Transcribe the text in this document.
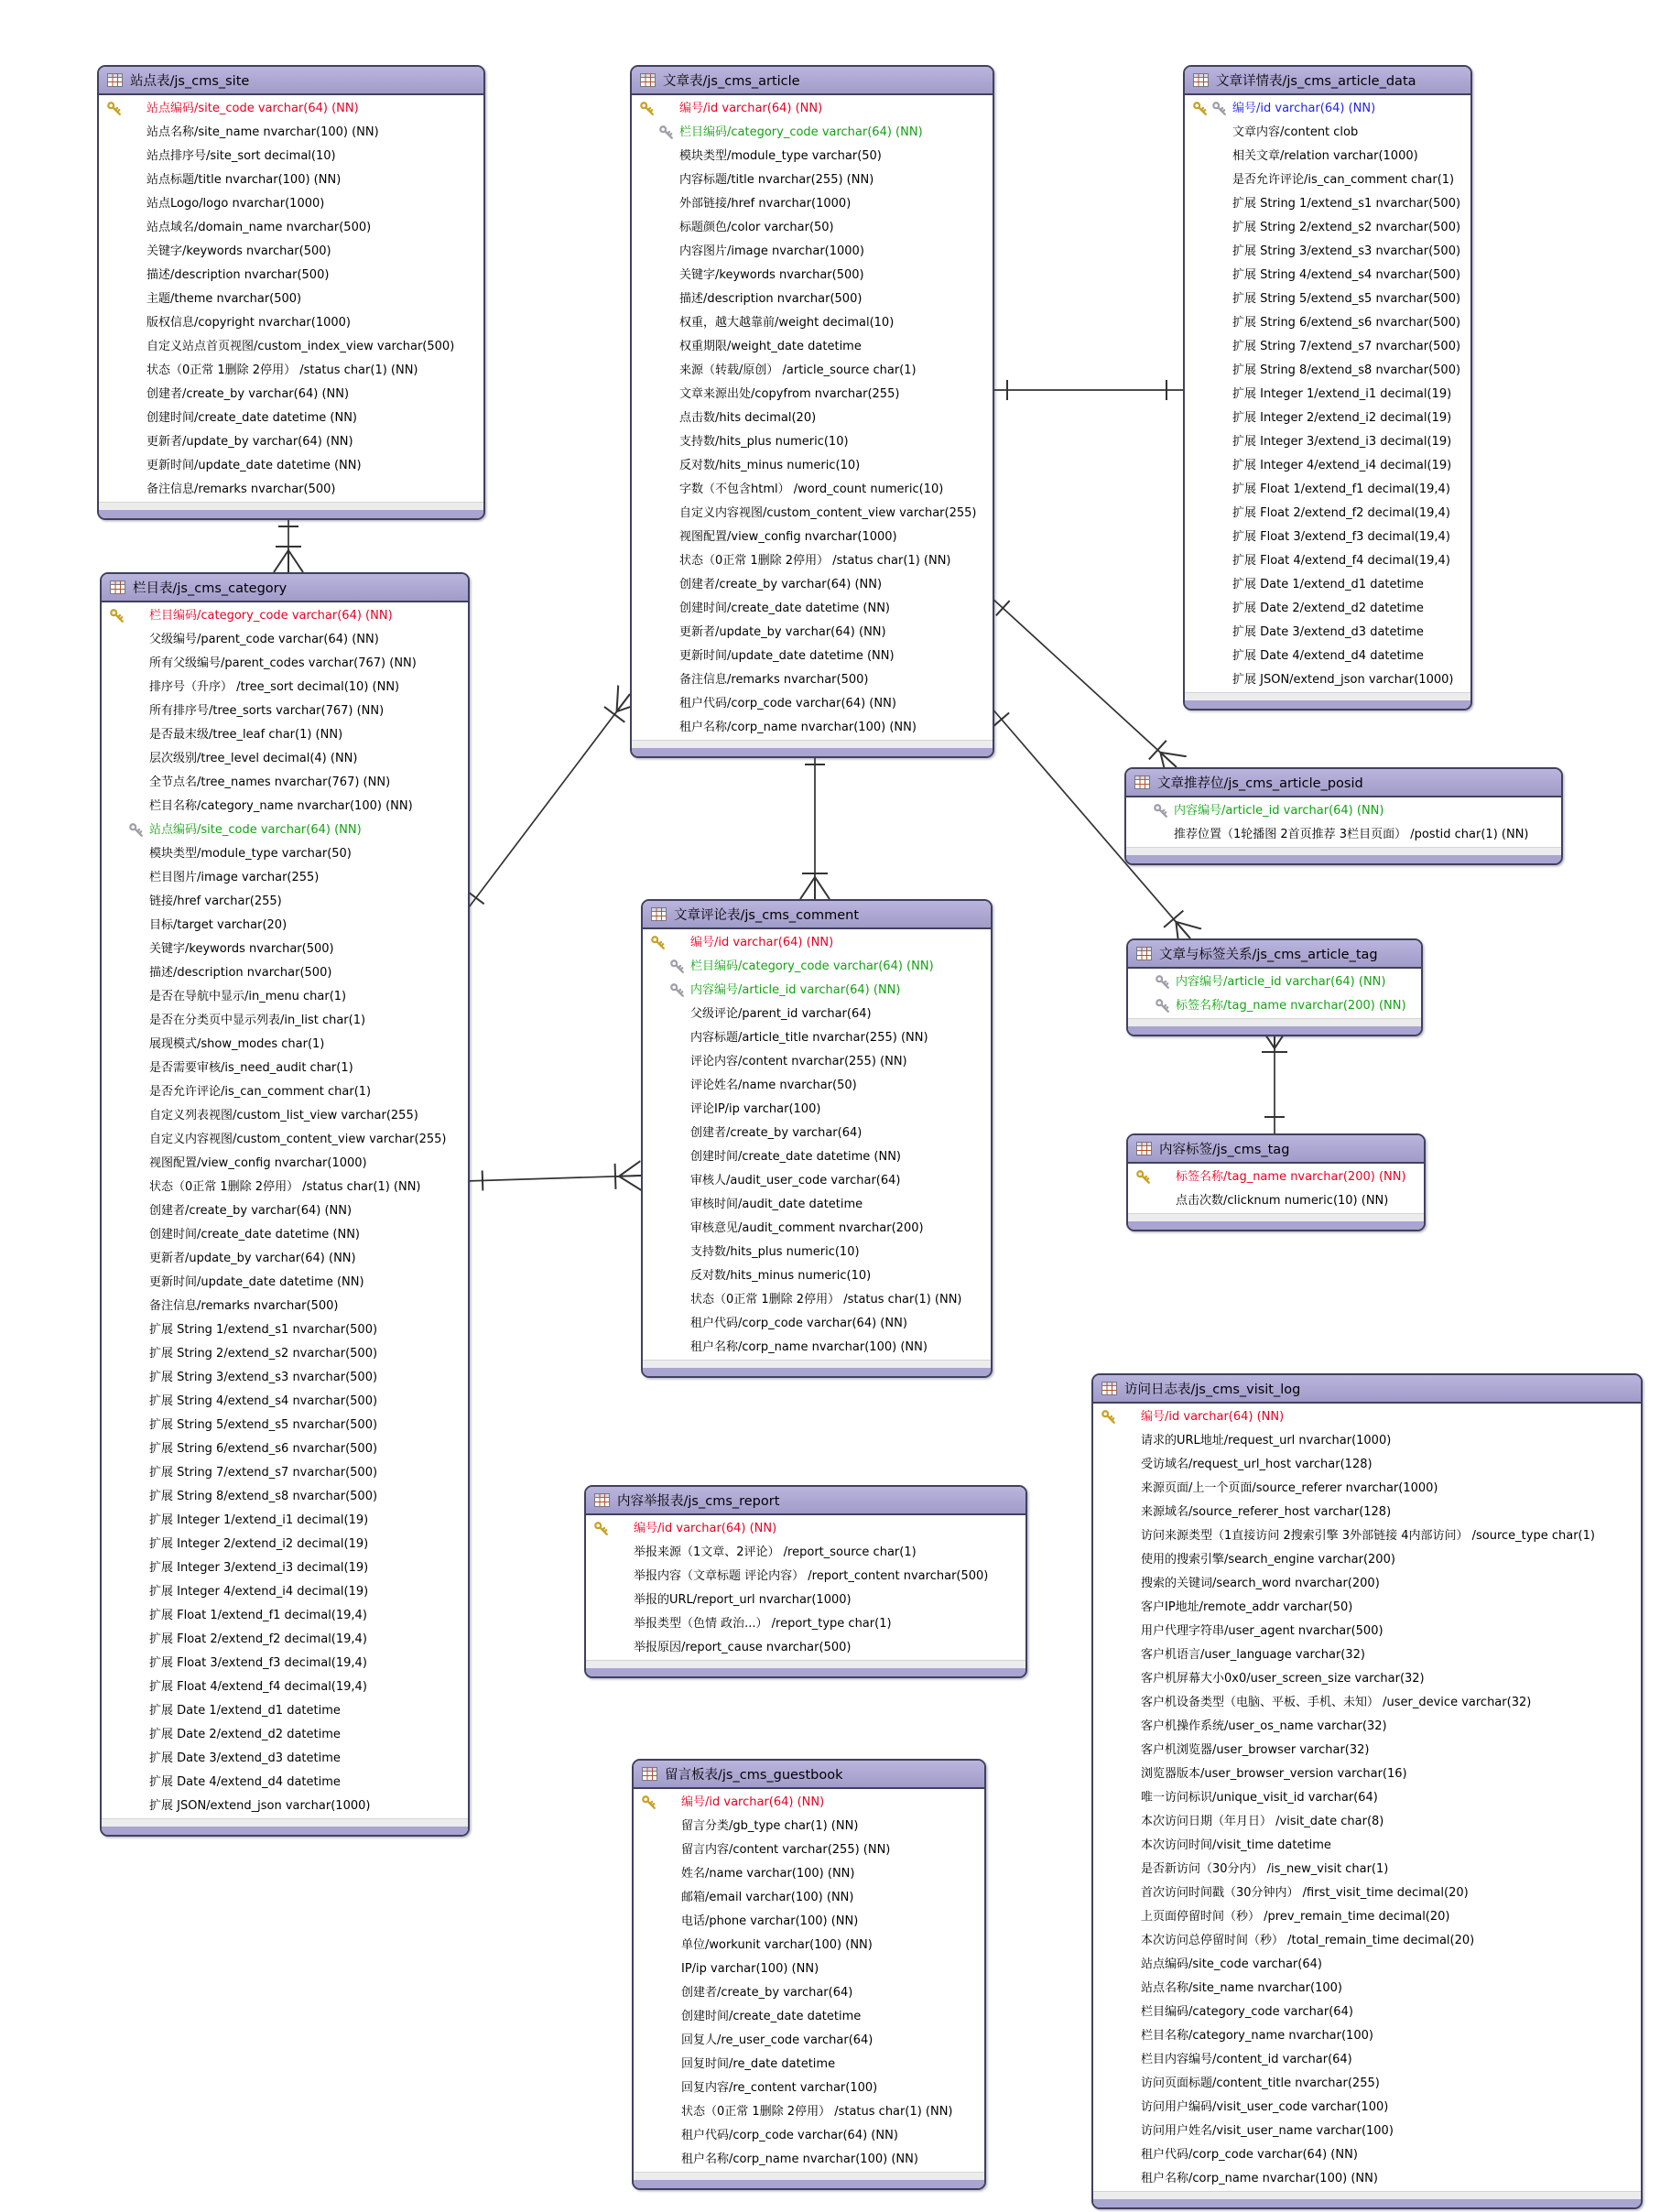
站点表/js_cms_site
站点编码/site_code varchar(64) (NN)
站点名称/site_name nvarchar(100) (NN)
站点排序号/site_sort decimal(10)
站点标题/title nvarchar(100) (NN)
站点Logo/logo nvarchar(1000)
站点域名/domain_name nvarchar(500)
关键字/keywords nvarchar(500)
描述/description nvarchar(500)
主题/theme nvarchar(500)
版权信息/copyright nvarchar(1000)
自定义站点首页视图/custom_index_view varchar(500)
状态（0正常 1删除 2停用） /status char(1) (NN)
创建者/create_by varchar(64) (NN)
创建时间/create_date datetime (NN)
更新者/update_by varchar(64) (NN)
更新时间/update_date datetime (NN)
备注信息/remarks nvarchar(500)
栏目表/js_cms_category
栏目编码/category_code varchar(64) (NN)
父级编号/parent_code varchar(64) (NN)
所有父级编号/parent_codes varchar(767) (NN)
排序号（升序） /tree_sort decimal(10) (NN)
所有排序号/tree_sorts varchar(767) (NN)
是否最末级/tree_leaf char(1) (NN)
层次级别/tree_level decimal(4) (NN)
全节点名/tree_names nvarchar(767) (NN)
栏目名称/category_name nvarchar(100) (NN)
站点编码/site_code varchar(64) (NN)
模块类型/module_type varchar(50)
栏目图片/image varchar(255)
链接/href varchar(255)
目标/target varchar(20)
关键字/keywords nvarchar(500)
描述/description nvarchar(500)
是否在导航中显示/in_menu char(1)
是否在分类页中显示列表/in_list char(1)
展现模式/show_modes char(1)
是否需要审核/is_need_audit char(1)
是否允许评论/is_can_comment char(1)
自定义列表视图/custom_list_view varchar(255)
自定义内容视图/custom_content_view varchar(255)
视图配置/view_config nvarchar(1000)
状态（0正常 1删除 2停用） /status char(1) (NN)
创建者/create_by varchar(64) (NN)
创建时间/create_date datetime (NN)
更新者/update_by varchar(64) (NN)
更新时间/update_date datetime (NN)
备注信息/remarks nvarchar(500)
扩展 String 1/extend_s1 nvarchar(500)
扩展 String 2/extend_s2 nvarchar(500)
扩展 String 3/extend_s3 nvarchar(500)
扩展 String 4/extend_s4 nvarchar(500)
扩展 String 5/extend_s5 nvarchar(500)
扩展 String 6/extend_s6 nvarchar(500)
扩展 String 7/extend_s7 nvarchar(500)
扩展 String 8/extend_s8 nvarchar(500)
扩展 Integer 1/extend_i1 decimal(19)
扩展 Integer 2/extend_i2 decimal(19)
扩展 Integer 3/extend_i3 decimal(19)
扩展 Integer 4/extend_i4 decimal(19)
扩展 Float 1/extend_f1 decimal(19,4)
扩展 Float 2/extend_f2 decimal(19,4)
扩展 Float 3/extend_f3 decimal(19,4)
扩展 Float 4/extend_f4 decimal(19,4)
扩展 Date 1/extend_d1 datetime
扩展 Date 2/extend_d2 datetime
扩展 Date 3/extend_d3 datetime
扩展 Date 4/extend_d4 datetime
扩展 JSON/extend_json varchar(1000)
文章表/js_cms_article
编号/id varchar(64) (NN)
栏目编码/category_code varchar(64) (NN)
模块类型/module_type varchar(50)
内容标题/title nvarchar(255) (NN)
外部链接/href nvarchar(1000)
标题颜色/color varchar(50)
内容图片/image nvarchar(1000)
关键字/keywords nvarchar(500)
描述/description nvarchar(500)
权重，越大越靠前/weight decimal(10)
权重期限/weight_date datetime
来源（转载/原创） /article_source char(1)
文章来源出处/copyfrom nvarchar(255)
点击数/hits decimal(20)
支持数/hits_plus numeric(10)
反对数/hits_minus numeric(10)
字数（不包含html） /word_count numeric(10)
自定义内容视图/custom_content_view varchar(255)
视图配置/view_config nvarchar(1000)
状态（0正常 1删除 2停用） /status char(1) (NN)
创建者/create_by varchar(64) (NN)
创建时间/create_date datetime (NN)
更新者/update_by varchar(64) (NN)
更新时间/update_date datetime (NN)
备注信息/remarks nvarchar(500)
租户代码/corp_code varchar(64) (NN)
租户名称/corp_name nvarchar(100) (NN)
文章详情表/js_cms_article_data
编号/id varchar(64) (NN)
文章内容/content clob
相关文章/relation varchar(1000)
是否允许评论/is_can_comment char(1)
扩展 String 1/extend_s1 nvarchar(500)
扩展 String 2/extend_s2 nvarchar(500)
扩展 String 3/extend_s3 nvarchar(500)
扩展 String 4/extend_s4 nvarchar(500)
扩展 String 5/extend_s5 nvarchar(500)
扩展 String 6/extend_s6 nvarchar(500)
扩展 String 7/extend_s7 nvarchar(500)
扩展 String 8/extend_s8 nvarchar(500)
扩展 Integer 1/extend_i1 decimal(19)
扩展 Integer 2/extend_i2 decimal(19)
扩展 Integer 3/extend_i3 decimal(19)
扩展 Integer 4/extend_i4 decimal(19)
扩展 Float 1/extend_f1 decimal(19,4)
扩展 Float 2/extend_f2 decimal(19,4)
扩展 Float 3/extend_f3 decimal(19,4)
扩展 Float 4/extend_f4 decimal(19,4)
扩展 Date 1/extend_d1 datetime
扩展 Date 2/extend_d2 datetime
扩展 Date 3/extend_d3 datetime
扩展 Date 4/extend_d4 datetime
扩展 JSON/extend_json varchar(1000)
文章评论表/js_cms_comment
编号/id varchar(64) (NN)
栏目编码/category_code varchar(64) (NN)
内容编号/article_id varchar(64) (NN)
父级评论/parent_id varchar(64)
内容标题/article_title nvarchar(255) (NN)
评论内容/content nvarchar(255) (NN)
评论姓名/name nvarchar(50)
评论IP/ip varchar(100)
创建者/create_by varchar(64)
创建时间/create_date datetime (NN)
审核人/audit_user_code varchar(64)
审核时间/audit_date datetime
审核意见/audit_comment nvarchar(200)
支持数/hits_plus numeric(10)
反对数/hits_minus numeric(10)
状态（0正常 1删除 2停用） /status char(1) (NN)
租户代码/corp_code varchar(64) (NN)
租户名称/corp_name nvarchar(100) (NN)
文章推荐位/js_cms_article_posid
内容编号/article_id varchar(64) (NN)
推荐位置（1轮播图 2首页推荐 3栏目页面） /postid char(1) (NN)
文章与标签关系/js_cms_article_tag
内容编号/article_id varchar(64) (NN)
标签名称/tag_name nvarchar(200) (NN)
内容标签/js_cms_tag
标签名称/tag_name nvarchar(200) (NN)
点击次数/clicknum numeric(10) (NN)
内容举报表/js_cms_report
编号/id varchar(64) (NN)
举报来源（1文章、2评论） /report_source char(1)
举报内容（文章标题 评论内容） /report_content nvarchar(500)
举报的URL/report_url nvarchar(1000)
举报类型（色情 政治...） /report_type char(1)
举报原因/report_cause nvarchar(500)
留言板表/js_cms_guestbook
编号/id varchar(64) (NN)
留言分类/gb_type char(1) (NN)
留言内容/content varchar(255) (NN)
姓名/name varchar(100) (NN)
邮箱/email varchar(100) (NN)
电话/phone varchar(100) (NN)
单位/workunit varchar(100) (NN)
IP/ip varchar(100) (NN)
创建者/create_by varchar(64)
创建时间/create_date datetime
回复人/re_user_code varchar(64)
回复时间/re_date datetime
回复内容/re_content varchar(100)
状态（0正常 1删除 2停用） /status char(1) (NN)
租户代码/corp_code varchar(64) (NN)
租户名称/corp_name nvarchar(100) (NN)
访问日志表/js_cms_visit_log
编号/id varchar(64) (NN)
请求的URL地址/request_url nvarchar(1000)
受访域名/request_url_host varchar(128)
来源页面/上一个页面/source_referer nvarchar(1000)
来源域名/source_referer_host varchar(128)
访问来源类型（1直接访问 2搜索引擎 3外部链接 4内部访问） /source_type char(1)
使用的搜索引擎/search_engine varchar(200)
搜索的关键词/search_word nvarchar(200)
客户IP地址/remote_addr varchar(50)
用户代理字符串/user_agent nvarchar(500)
客户机语言/user_language varchar(32)
客户机屏幕大小0x0/user_screen_size varchar(32)
客户机设备类型（电脑、平板、手机、未知） /user_device varchar(32)
客户机操作系统/user_os_name varchar(32)
客户机浏览器/user_browser varchar(32)
浏览器版本/user_browser_version varchar(16)
唯一访问标识/unique_visit_id varchar(64)
本次访问日期（年月日） /visit_date char(8)
本次访问时间/visit_time datetime
是否新访问（30分内） /is_new_visit char(1)
首次访问时间戳（30分钟内） /first_visit_time decimal(20)
上页面停留时间（秒） /prev_remain_time decimal(20)
本次访问总停留时间（秒） /total_remain_time decimal(20)
站点编码/site_code varchar(64)
站点名称/site_name nvarchar(100)
栏目编码/category_code varchar(64)
栏目名称/category_name nvarchar(100)
栏目内容编号/content_id varchar(64)
访问页面标题/content_title nvarchar(255)
访问用户编码/visit_user_code varchar(100)
访问用户姓名/visit_user_name varchar(100)
租户代码/corp_code varchar(64) (NN)
租户名称/corp_name nvarchar(100) (NN)
